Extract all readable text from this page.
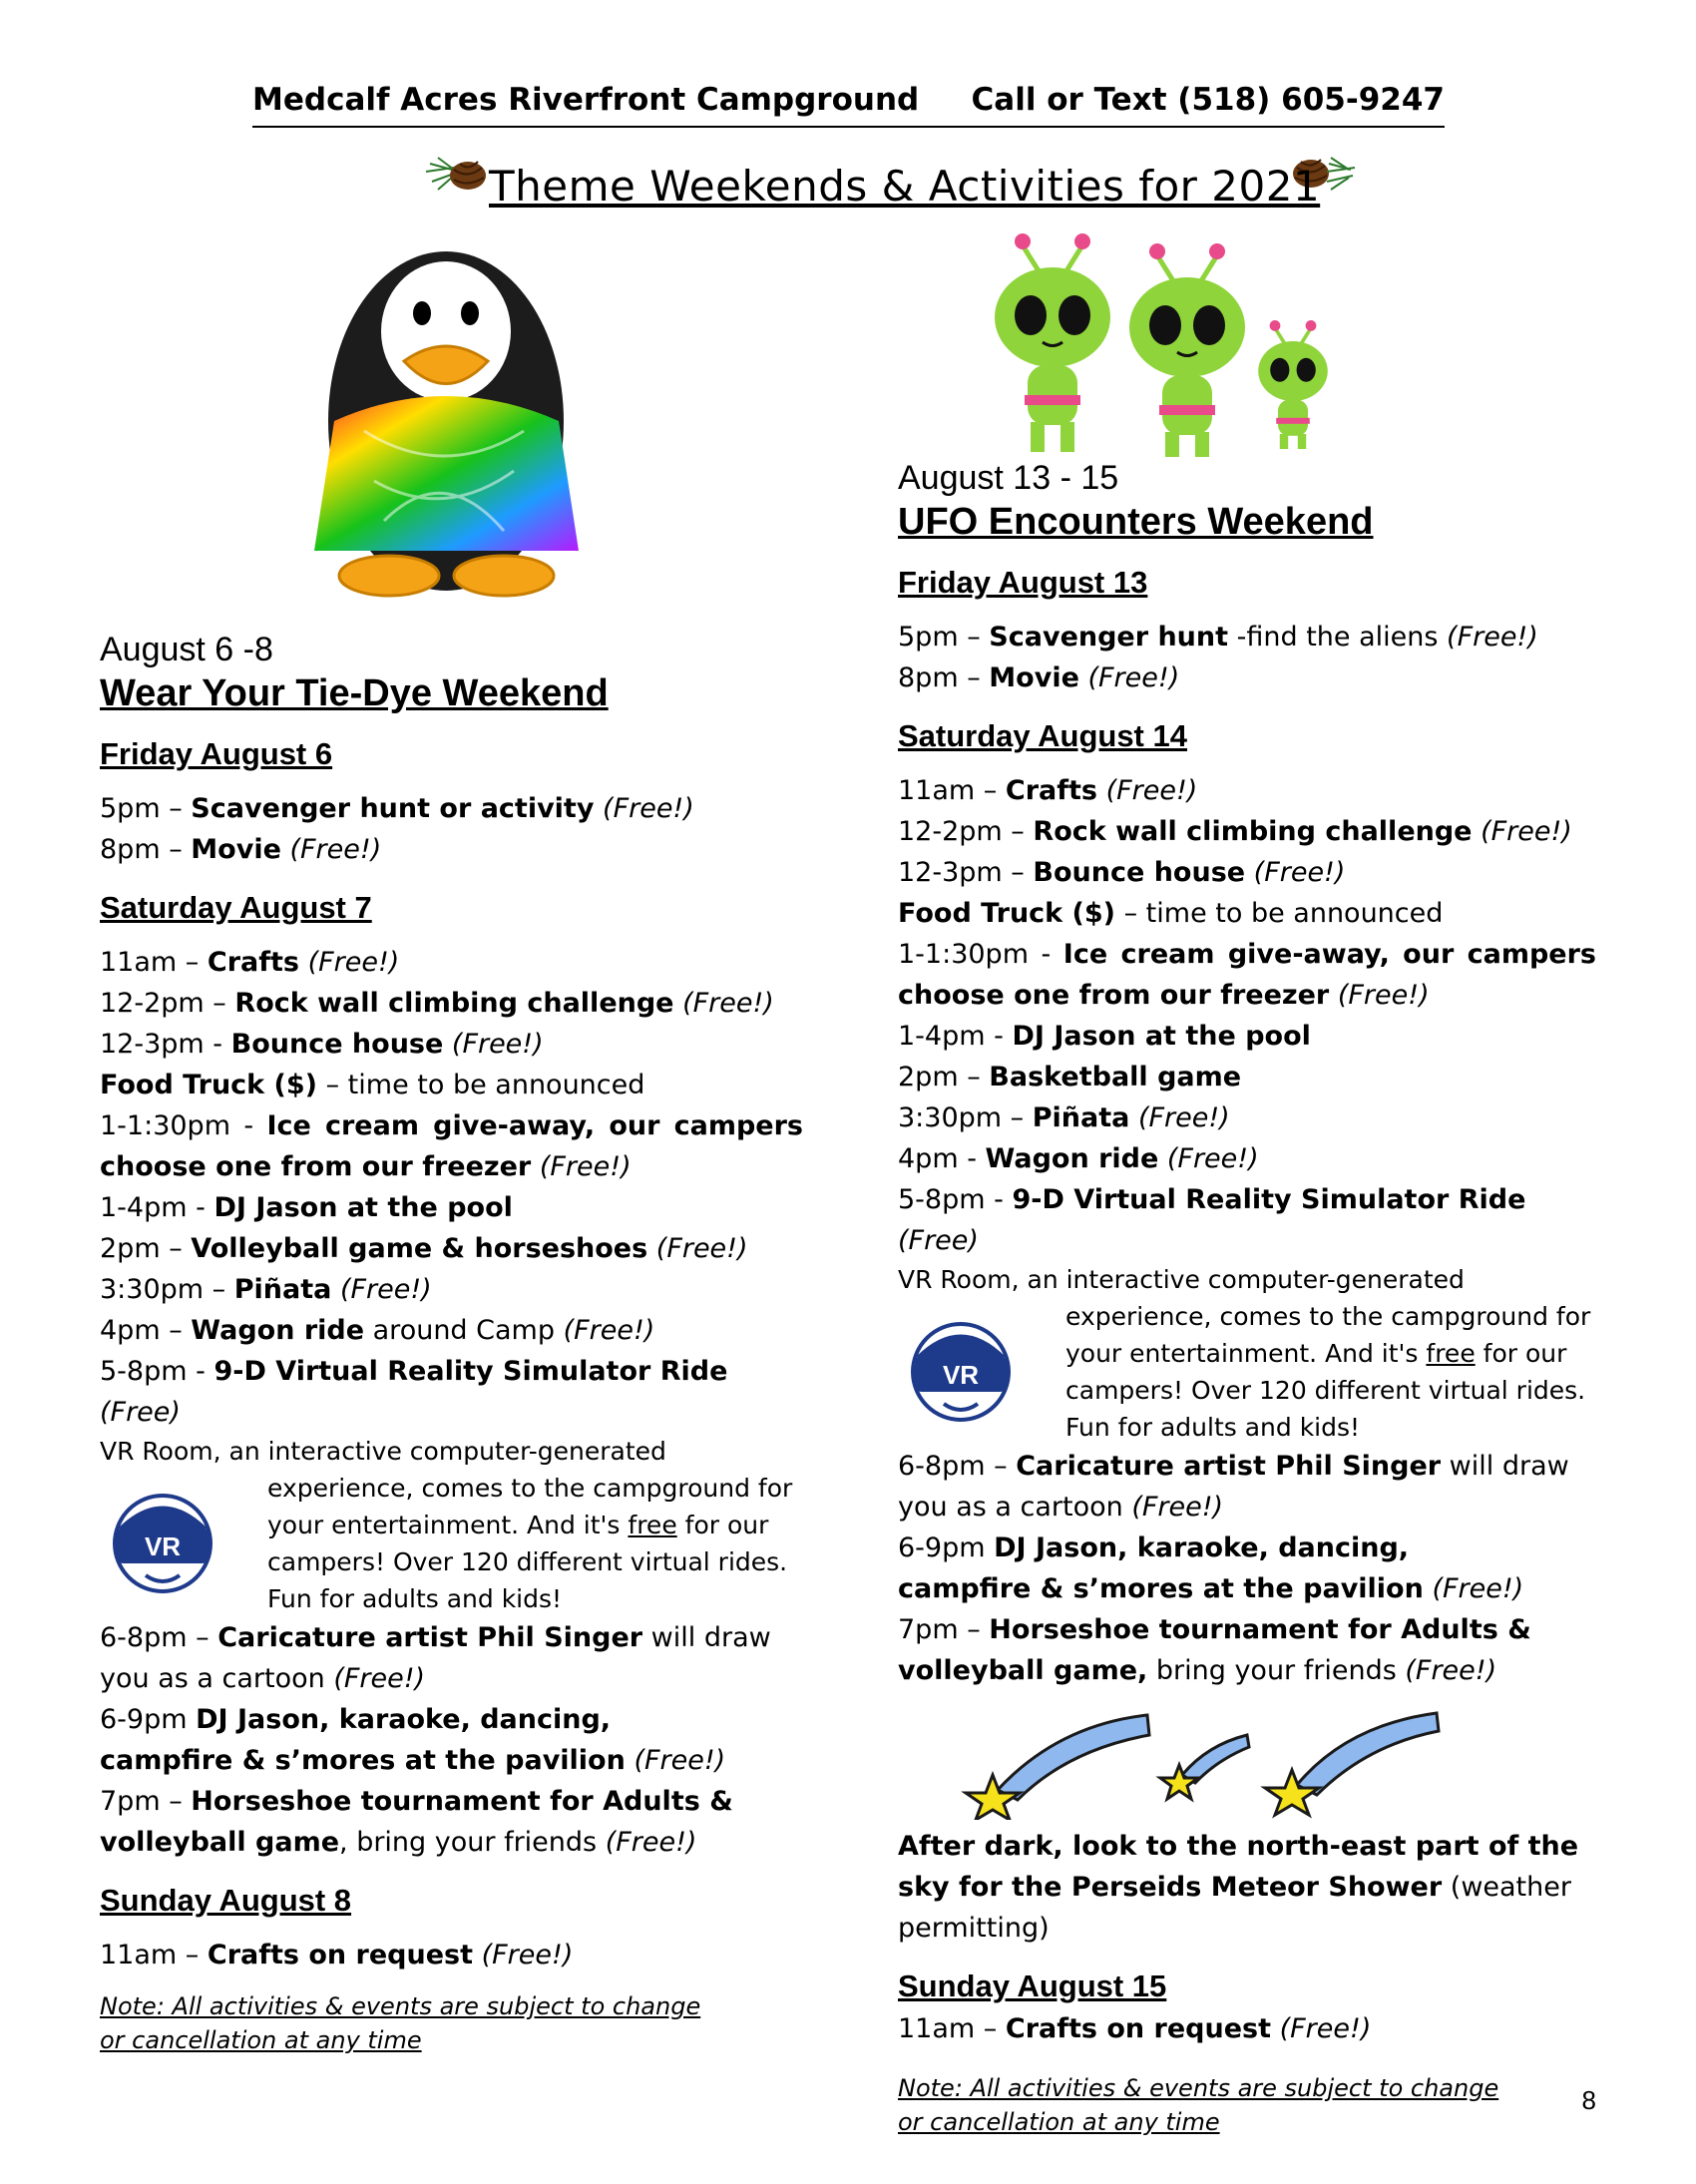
Medcalf Acres Riverfront Campground Call or Text (518) 605-9247
Theme Weekends & Activities for 2021
August 6 -8
Wear Your Tie-Dye Weekend
Friday August 6

5pm – Scavenger hunt or activity (Free!)

8pm – Movie (Free!)

Saturday August 7

11am – Crafts (Free!)

12-2pm – Rock wall climbing challenge (Free!)

12-3pm - Bounce house (Free!)

Food Truck ($) – time to be announced

1-1:30pm - Ice cream give-away, our campers choose one from our freezer (Free!)

1-4pm - DJ Jason at the pool

2pm – Volleyball game & horseshoes (Free!)

3:30pm – Piñata (Free!)

4pm – Wagon ride around Camp (Free!)

5-8pm - 9-D Virtual Reality Simulator Ride (Free)

VR Room, an interactive computer-generated

VR
experience, comes to the campground for your entertainment. And it's free for our campers! Over 120 different virtual rides. Fun for adults and kids!

6-8pm – Caricature artist Phil Singer will draw you as a cartoon (Free!)

6-9pm DJ Jason, karaoke, dancing, campfire & s’mores at the pavilion (Free!)

7pm – Horseshoe tournament for Adults & volleyball game, bring your friends (Free!)

Sunday August 8

11am – Crafts on request (Free!)

Note: All activities & events are subject to change or cancellation at any time
August 13 - 15
UFO Encounters Weekend
Friday August 13

5pm – Scavenger hunt -find the aliens (Free!)

8pm – Movie (Free!)

Saturday August 14

11am – Crafts (Free!)

12-2pm – Rock wall climbing challenge (Free!)

12-3pm – Bounce house (Free!)

Food Truck ($) – time to be announced

1-1:30pm - Ice cream give-away, our campers choose one from our freezer (Free!)

1-4pm - DJ Jason at the pool

2pm – Basketball game

3:30pm – Piñata (Free!)

4pm - Wagon ride (Free!)

5-8pm - 9-D Virtual Reality Simulator Ride (Free)

VR Room, an interactive computer-generated

VR
experience, comes to the campground for your entertainment. And it's free for our campers! Over 120 different virtual rides. Fun for adults and kids!

6-8pm – Caricature artist Phil Singer will draw you as a cartoon (Free!)

6-9pm DJ Jason, karaoke, dancing, campfire & s’mores at the pavilion (Free!)

7pm – Horseshoe tournament for Adults & volleyball game, bring your friends (Free!)

After dark, look to the north-east part of the sky for the Perseids Meteor Shower (weather permitting)

Sunday August 15

11am – Crafts on request (Free!)

Note: All activities & events are subject to change or cancellation at any time
8
